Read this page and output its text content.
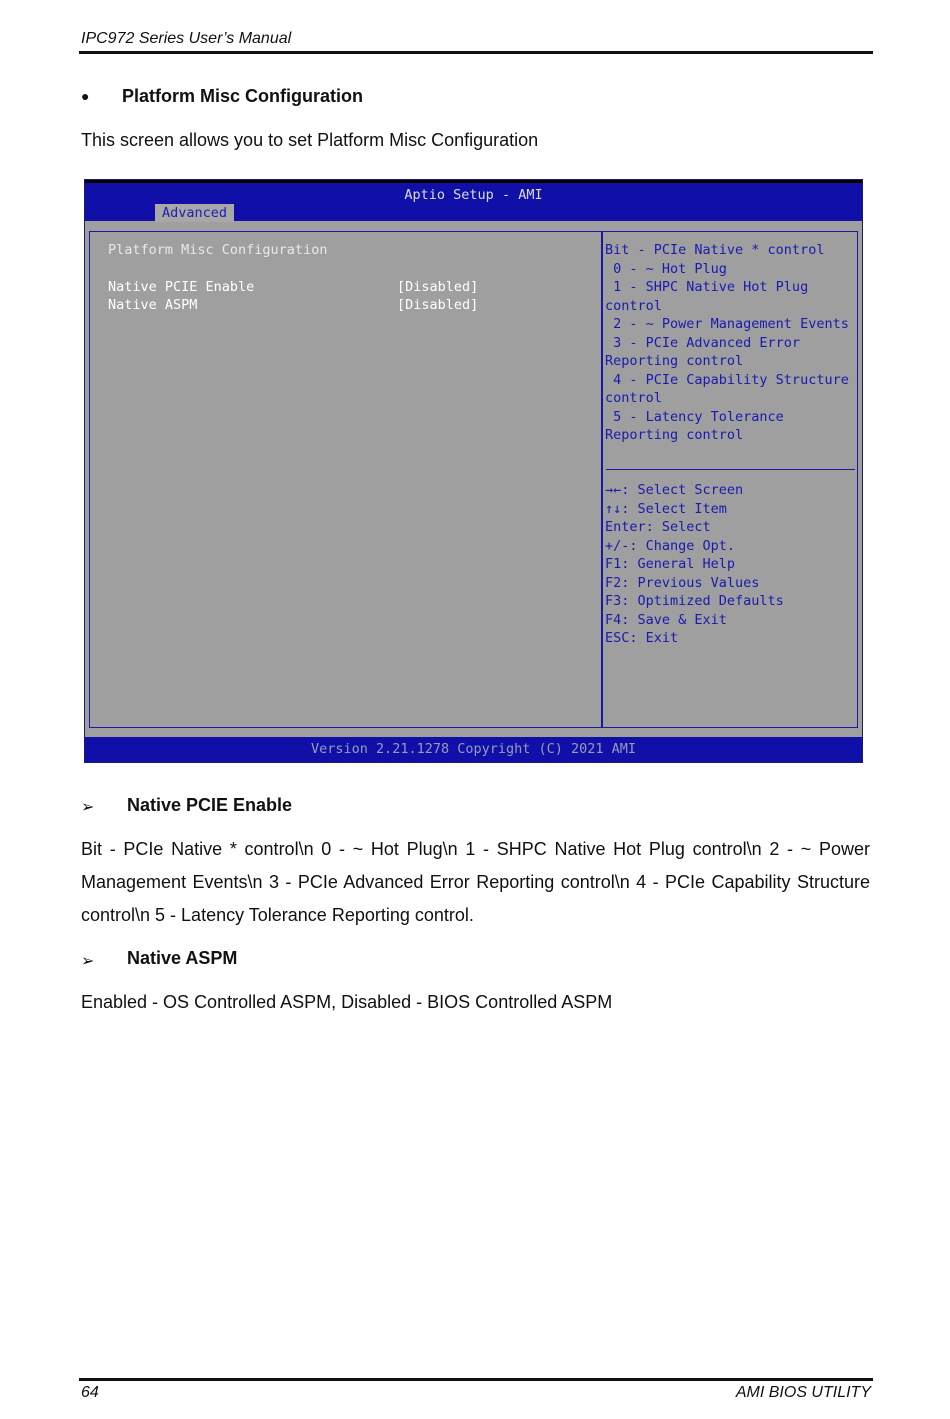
IPC972 Series User’s Manual
● Platform Misc Configuration
This screen allows you to set Platform Misc Configuration
Aptio Setup - AMI
Advanced
Platform Misc Configuration
Native PCIE Enable	[Disabled]
Native ASPM	[Disabled]
Bit - PCIe Native * control
0 - ~ Hot Plug
1 - SHPC Native Hot Plug
control
2 - ~ Power Management Events
3 - PCIe Advanced Error
Reporting control
4 - PCIe Capability Structure
control
5 - Latency Tolerance
Reporting control
→←: Select Screen
↑↓: Select Item
Enter: Select
+/-: Change Opt.
F1: General Help
F2: Previous Values
F3: Optimized Defaults
F4: Save & Exit
ESC: Exit
Version 2.21.1278 Copyright (C) 2021 AMI
➢ Native PCIE Enable
Bit - PCIe Native * control\n 0 - ~ Hot Plug\n 1 - SHPC Native Hot Plug control\n 2 - ~ Power Management Events\n 3 - PCIe Advanced Error Reporting control\n 4 - PCIe Capability Structure control\n 5 - Latency Tolerance Reporting control.
➢ Native ASPM
Enabled - OS Controlled ASPM, Disabled - BIOS Controlled ASPM
64	AMI BIOS UTILITY
